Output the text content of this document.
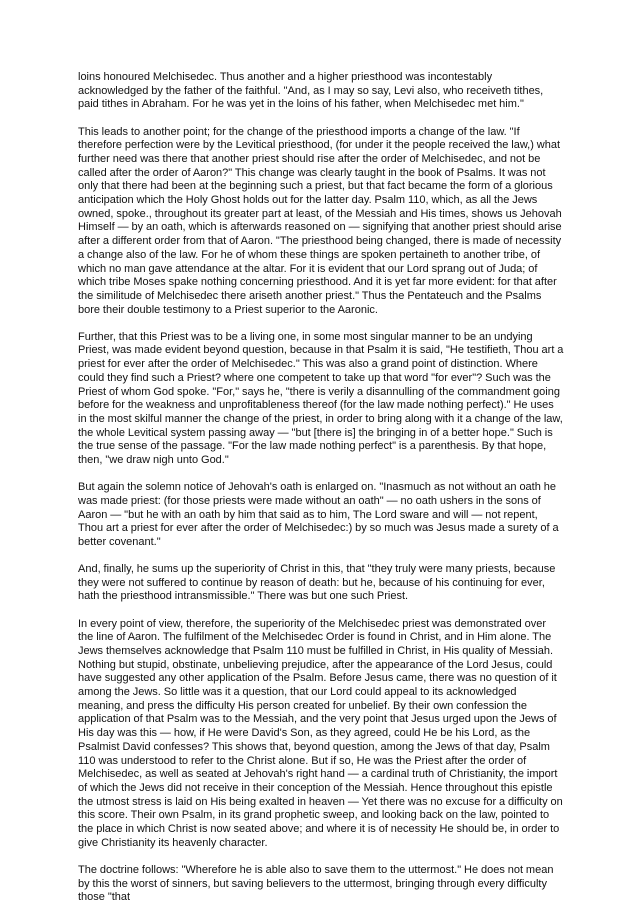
loins honoured Melchisedec. Thus another and a higher priesthood was incontestably acknowledged by the father of the faithful. "And, as I may so say, Levi also, who receiveth tithes, paid tithes in Abraham. For he was yet in the loins of his father, when Melchisedec met him."

This leads to another point; for the change of the priesthood imports a change of the law. "If therefore perfection were by the Levitical priesthood, (for under it the people received the law,) what further need was there that another priest should rise after the order of Melchisedec, and not be called after the order of Aaron?" This change was clearly taught in the book of Psalms. It was not only that there had been at the beginning such a priest, but that fact became the form of a glorious anticipation which the Holy Ghost holds out for the latter day. Psalm 110, which, as all the Jews owned, spoke., throughout its greater part at least, of the Messiah and His times, shows us Jehovah Himself — by an oath, which is afterwards reasoned on — signifying that another priest should arise after a different order from that of Aaron. "The priesthood being changed, there is made of necessity a change also of the law. For he of whom these things are spoken pertaineth to another tribe, of which no man gave attendance at the altar. For it is evident that our Lord sprang out of Juda; of which tribe Moses spake nothing concerning priesthood. And it is yet far more evident: for that after the similitude of Melchisedec there ariseth another priest." Thus the Pentateuch and the Psalms bore their double testimony to a Priest superior to the Aaronic.

Further, that this Priest was to be a living one, in some most singular manner to be an undying Priest, was made evident beyond question, because in that Psalm it is said, "He testifieth, Thou art a priest for ever after the order of Melchisedec." This was also a grand point of distinction. Where could they find such a Priest? where one competent to take up that word "for ever"? Such was the Priest of whom God spoke. "For," says he, "there is verily a disannulling of the commandment going before for the weakness and unprofitableness thereof (for the law made nothing perfect)." He uses in the most skilful manner the change of the priest, in order to bring along with it a change of the law, the whole Levitical system passing away — "but [there is] the bringing in of a better hope." Such is the true sense of the passage. "For the law made nothing perfect" is a parenthesis. By that hope, then, "we draw nigh unto God."

But again the solemn notice of Jehovah's oath is enlarged on. "Inasmuch as not without an oath he was made priest: (for those priests were made without an oath" — no oath ushers in the sons of Aaron — "but he with an oath by him that said as to him, The Lord sware and will — not repent, Thou art a priest for ever after the order of Melchisedec:) by so much was Jesus made a surety of a better covenant."

And, finally, he sums up the superiority of Christ in this, that "they truly were many priests, because they were not suffered to continue by reason of death: but he, because of his continuing for ever, hath the priesthood intransmissible." There was but one such Priest.

In every point of view, therefore, the superiority of the Melchisedec priest was demonstrated over the line of Aaron. The fulfilment of the Melchisedec Order is found in Christ, and in Him alone. The Jews themselves acknowledge that Psalm 110 must be fulfilled in Christ, in His quality of Messiah. Nothing but stupid, obstinate, unbelieving prejudice, after the appearance of the Lord Jesus, could have suggested any other application of the Psalm. Before Jesus came, there was no question of it among the Jews. So little was it a question, that our Lord could appeal to its acknowledged meaning, and press the difficulty His person created for unbelief. By their own confession the application of that Psalm was to the Messiah, and the very point that Jesus urged upon the Jews of His day was this — how, if He were David's Son, as they agreed, could He be his Lord, as the Psalmist David confesses? This shows that, beyond question, among the Jews of that day, Psalm 110 was understood to refer to the Christ alone. But if so, He was the Priest after the order of Melchisedec, as well as seated at Jehovah's right hand — a cardinal truth of Christianity, the import of which the Jews did not receive in their conception of the Messiah. Hence throughout this epistle the utmost stress is laid on His being exalted in heaven — Yet there was no excuse for a difficulty on this score. Their own Psalm, in its grand prophetic sweep, and looking back on the law, pointed to the place in which Christ is now seated above; and where it is of necessity He should be, in order to give Christianity its heavenly character.

The doctrine follows: "Wherefore he is able also to save them to the uttermost." He does not mean by this the worst of sinners, but saving believers to the uttermost, bringing through every difficulty those "that
